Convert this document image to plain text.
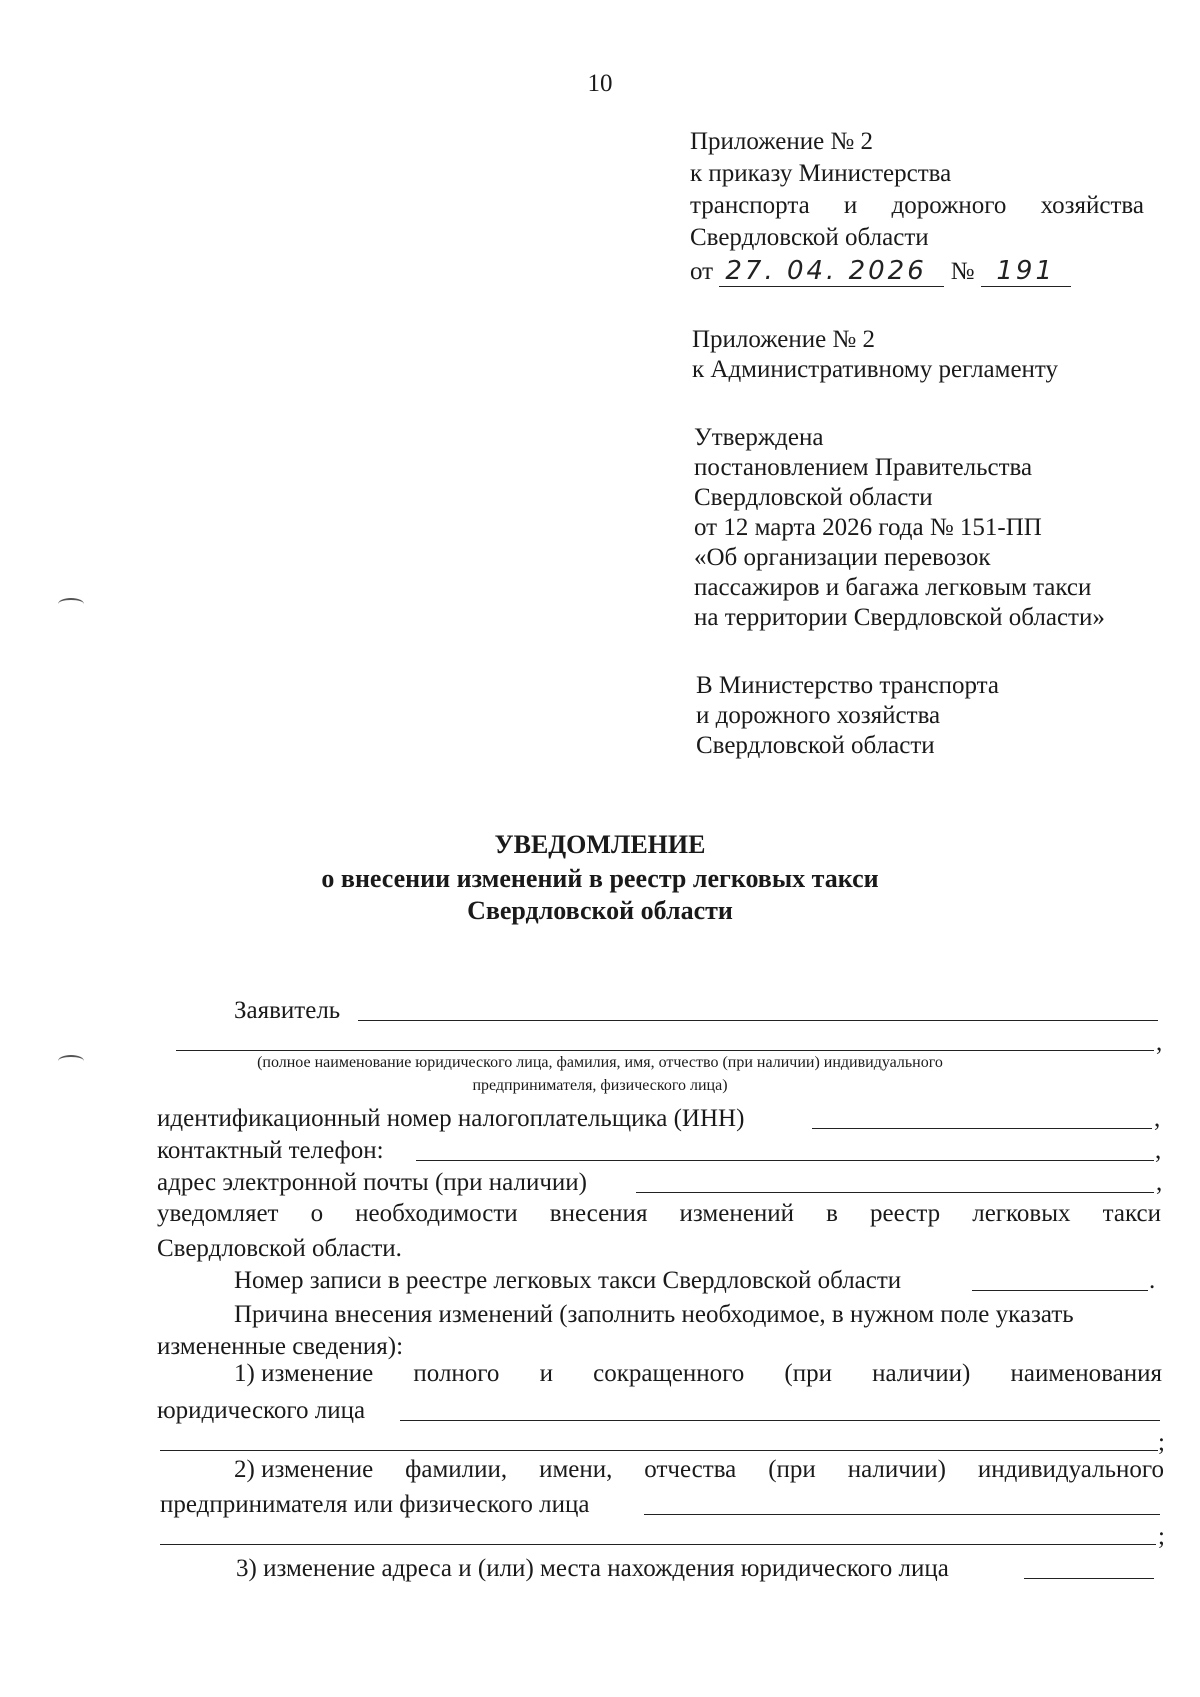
10
Приложение № 2
к приказу Министерства
транспорта и дорожного хозяйства
Свердловской области
от 27. 04. 2026 № 191
Приложение № 2
к Административному регламенту
Утверждена
постановлением Правительства
Свердловской области
от 12 марта 2026 года № 151-ПП
«Об организации перевозок
пассажиров и багажа легковым такси
на территории Свердловской области»
В Министерство транспорта
и дорожного хозяйства
Свердловской области
УВЕДОМЛЕНИЕ
о внесении изменений в реестр легковых такси
Свердловской области
Заявитель
,
(полное наименование юридического лица, фамилия, имя, отчество (при наличии) индивидуального
предпринимателя, физического лица)
идентификационный номер налогоплательщика (ИНН)	,
контактный телефон:	,
адрес электронной почты (при наличии)	,
уведомляет о необходимости внесения изменений в реестр легковых такси
Свердловской области.
Номер записи в реестре легковых такси Свердловской области	.
Причина внесения изменений (заполнить необходимое, в нужном поле указать
измененные сведения):
1) изменение полного и сокращенного (при наличии) наименования
юридического лица
;
2) изменение фамилии, имени, отчества (при наличии) индивидуального
предпринимателя или физического лица
;
3) изменение адреса и (или) места нахождения юридического лица
